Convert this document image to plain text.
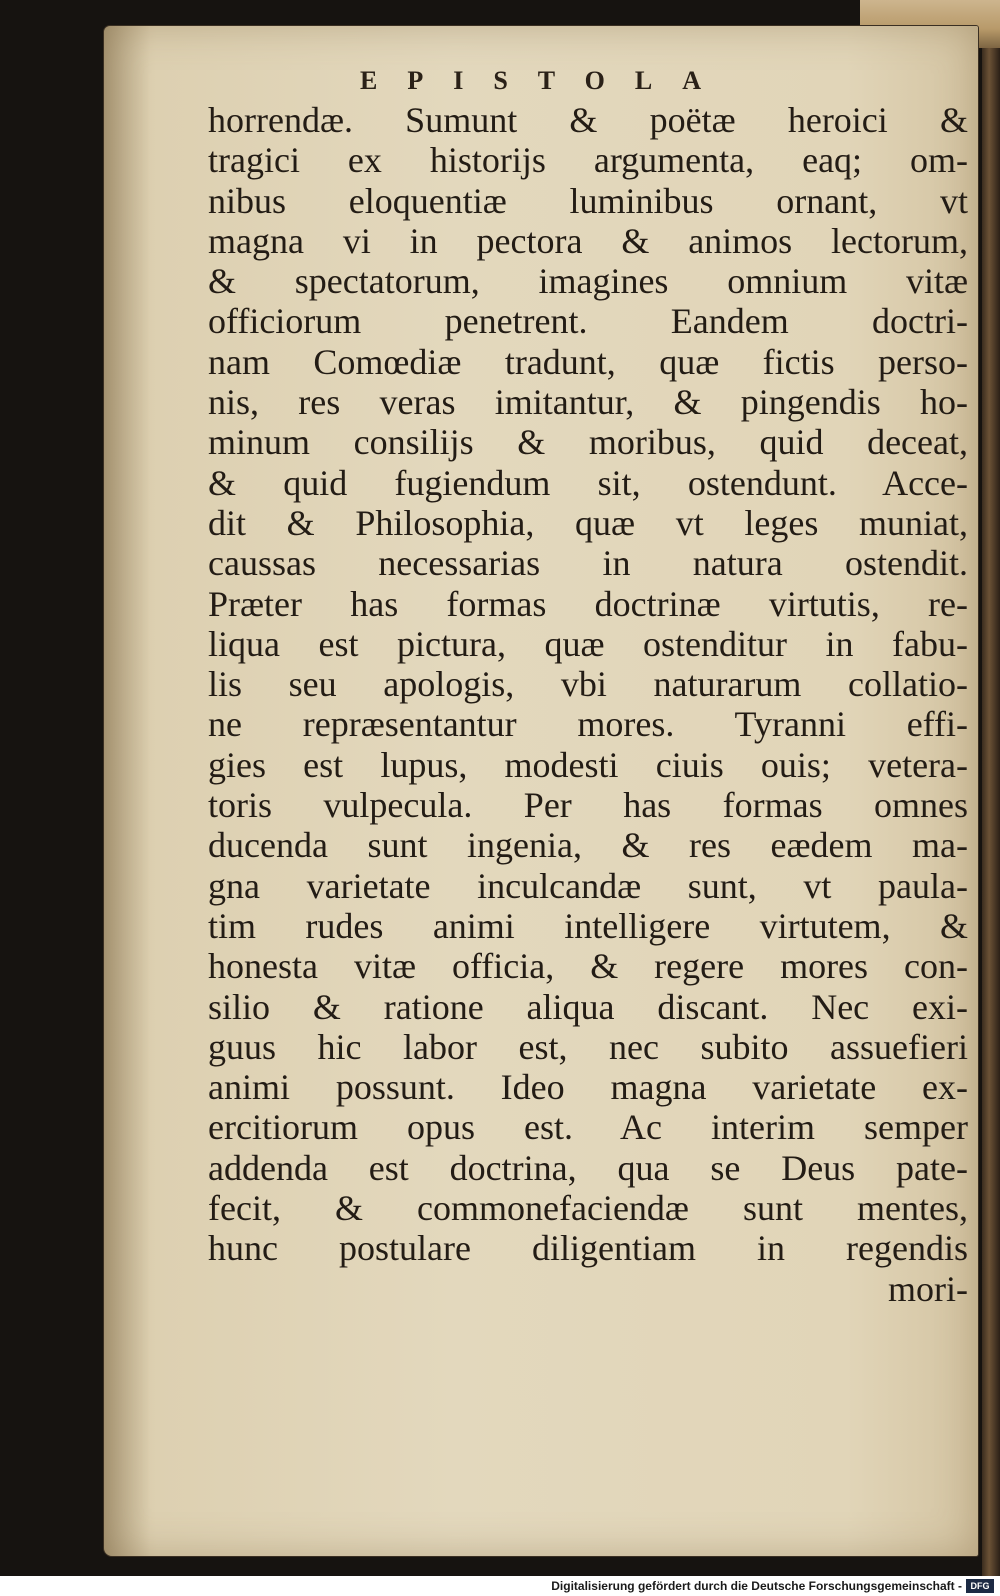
EPISTOLA
horrendæ. Sumunt & poëtæ heroici &
tragici ex historijs argumenta, eaq; om-
nibus eloquentiæ luminibus ornant, vt
magna vi in pectora & animos lectorum,
& spectatorum, imagines omnium vitæ
officiorum penetrent. Eandem doctri-
nam Comœdiæ tradunt, quæ fictis perso-
nis, res veras imitantur, & pingendis ho-
minum consilijs & moribus, quid deceat,
& quid fugiendum sit, ostendunt. Acce-
dit & Philosophia, quæ vt leges muniat,
caussas necessarias in natura ostendit.
Præter has formas doctrinæ virtutis, re-
liqua est pictura, quæ ostenditur in fabu-
lis seu apologis, vbi naturarum collatio-
ne repræsentantur mores. Tyranni effi-
gies est lupus, modesti ciuis ouis; vetera-
toris vulpecula. Per has formas omnes
ducenda sunt ingenia, & res eædem ma-
gna varietate inculcandæ sunt, vt paula-
tim rudes animi intelligere virtutem, &
honesta vitæ officia, & regere mores con-
silio & ratione aliqua discant. Nec exi-
guus hic labor est, nec subito assuefieri
animi possunt. Ideo magna varietate ex-
ercitiorum opus est. Ac interim semper
addenda est doctrina, qua se Deus pate-
fecit, & commonefaciendæ sunt mentes,
hunc postulare diligentiam in regendis
mori-

Digitalisierung gefördert durch die Deutsche Forschungsgemeinschaft - DFG
